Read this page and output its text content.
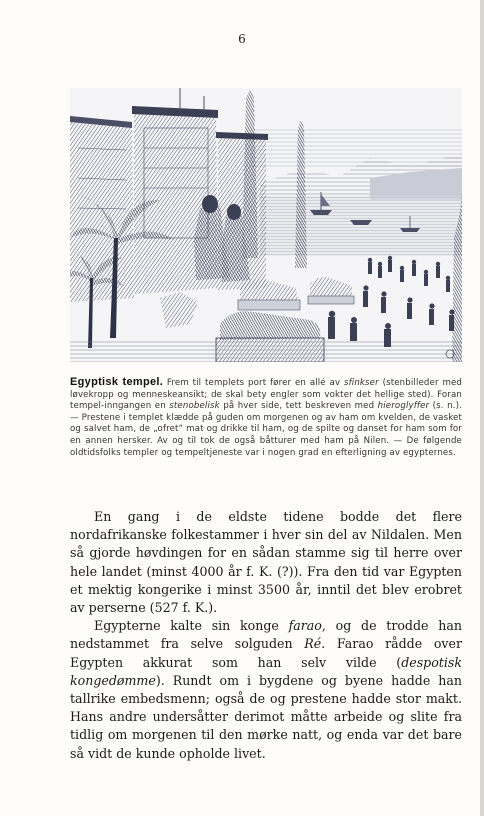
6
Egyptisk tempel. Frem til templets port fører en allé av sfinkser (stenbilleder med løvekropp og menneskeansikt; de skal bety engler som vokter det hellige sted). Foran tempel-inngangen en stenobelisk på hver side, tett beskreven med hieroglyffer (s. n.). — Prestene i templet klædde på guden om morgenen og av ham om kvelden, de vasket og salvet ham, de „ofret“ mat og drikke til ham, og de spilte og danset for ham som for en annen hersker. Av og til tok de også båtturer med ham på Nilen. — De følgende oldtidsfolks templer og tempeltjeneste var i nogen grad en efterligning av egypternes.

En gang i de eldste tidene bodde det flere nordafrikanske folkestammer i hver sin del av Nildalen. Men så gjorde høvdingen for en sådan stamme sig til herre over hele landet (minst 4000 år f. K. (?)). Fra den tid var Egypten et mektig kongerike i minst 3500 år, inntil det blev erobret av perserne (527 f. K.).

Egypterne kalte sin konge farao, og de trodde han nedstammet fra selve solguden Ré. Farao rådde over Egypten akkurat som han selv vilde (despotisk kongedømme). Rundt om i bygdene og byene hadde han tallrike embedsmenn; også de og prestene hadde stor makt. Hans andre undersåtter derimot måtte arbeide og slite fra tidlig om morgenen til den mørke natt, og enda var det bare så vidt de kunde opholde livet.
